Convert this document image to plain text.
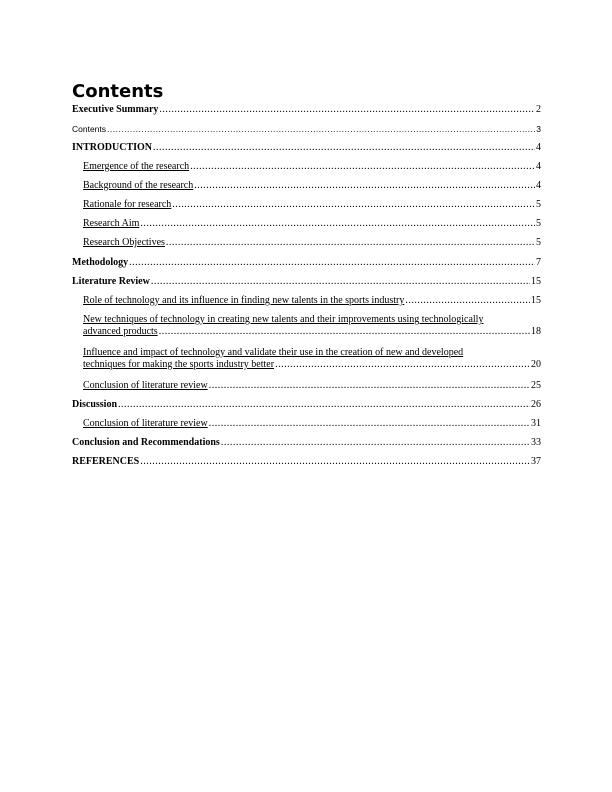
Contents
Executive Summary .....	2
Contents .....	3
INTRODUCTION .....	4
Emergence of the research .....	4
Background of the research .....	4
Rationale for research .....	5
Research Aim .....	5
Research Objectives .....	5
Methodology .....	7
Literature Review .....	15
Role of technology and its influence in finding new talents in the sports industry .....	15
New techniques of technology in creating new talents and their improvements using technologically
advanced products .....	18
Influence and impact of technology and validate their use in the creation of new and developed
techniques for making the sports industry better .....	20
Conclusion of literature review .....	25
Discussion .....	26
Conclusion of literature review .....	31
Conclusion and Recommendations .....	33
REFERENCES .....	37
